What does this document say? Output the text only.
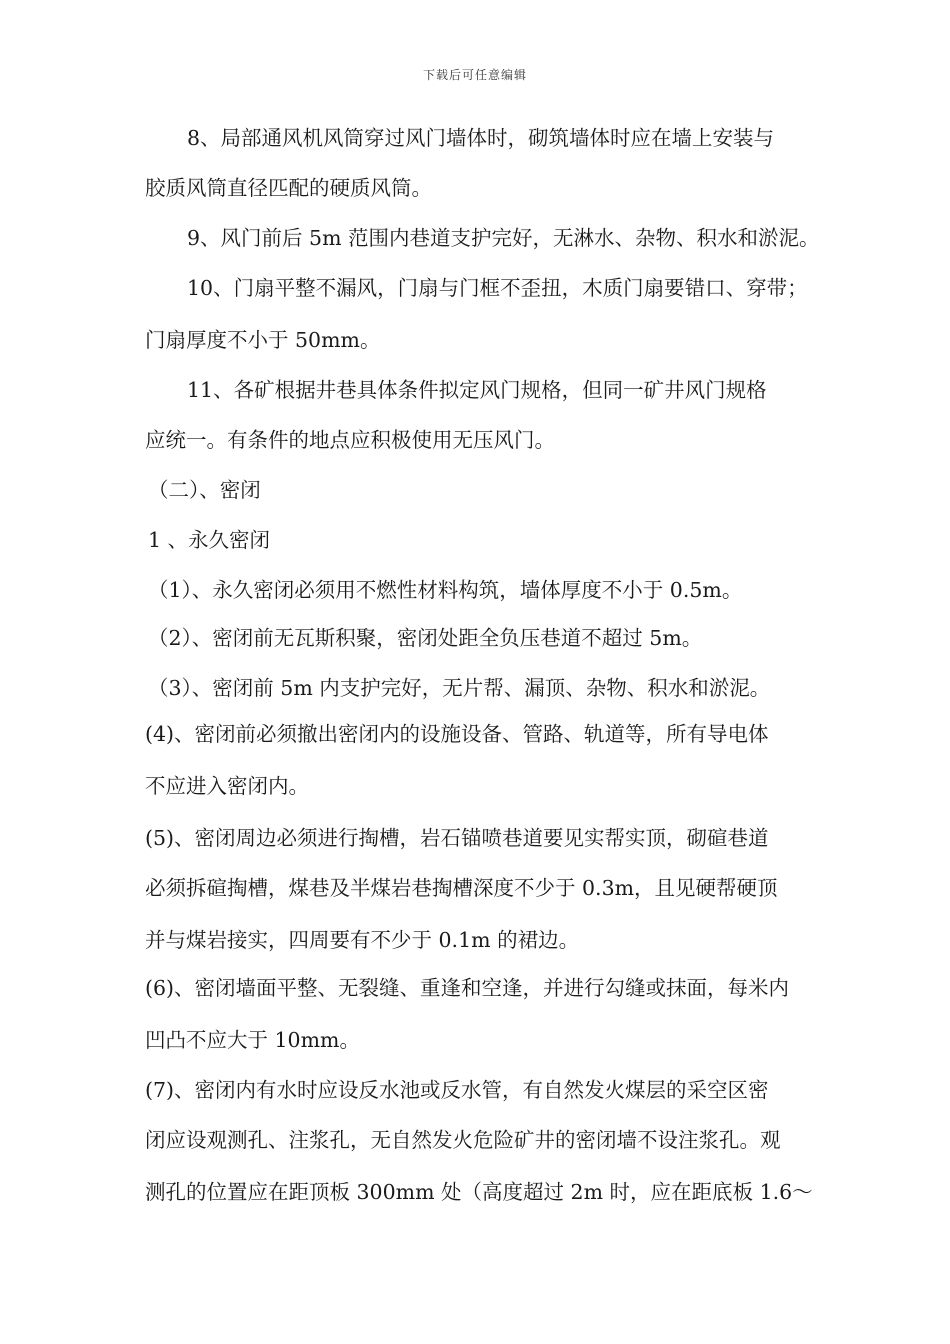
下载后可任意编辑
8、局部通风机风筒穿过风门墙体时，砌筑墙体时应在墙上安装与
胶质风筒直径匹配的硬质风筒。
9、风门前后 5m 范围内巷道支护完好，无淋水、杂物、积水和淤泥。
10、门扇平整不漏风，门扇与门框不歪扭，木质门扇要错口、穿带；
门扇厚度不小于 50mm。
11、各矿根据井巷具体条件拟定风门规格，但同一矿井风门规格
应统一。有条件的地点应积极使用无压风门。
（二）、密闭
1 、永久密闭
（1）、永久密闭必须用不燃性材料构筑，墙体厚度不小于 0.5m。
（2）、密闭前无瓦斯积聚，密闭处距全负压巷道不超过 5m。
（3）、密闭前 5m 内支护完好，无片帮、漏顶、杂物、积水和淤泥。
(4)、密闭前必须撤出密闭内的设施设备、管路、轨道等，所有导电体
不应进入密闭内。
(5)、密闭周边必须进行掏槽，岩石锚喷巷道要见实帮实顶，砌碹巷道
必须拆碹掏槽，煤巷及半煤岩巷掏槽深度不少于 0.3m，且见硬帮硬顶
并与煤岩接实，四周要有不少于 0.1m 的裙边。
(6)、密闭墙面平整、无裂缝、重逢和空逢，并进行勾缝或抹面，每米内
凹凸不应大于 10mm。
(7)、密闭内有水时应设反水池或反水管，有自然发火煤层的采空区密
闭应设观测孔、注浆孔，无自然发火危险矿井的密闭墙不设注浆孔。观
测孔的位置应在距顶板 300mm 处（高度超过 2m 时，应在距底板 1.6～
